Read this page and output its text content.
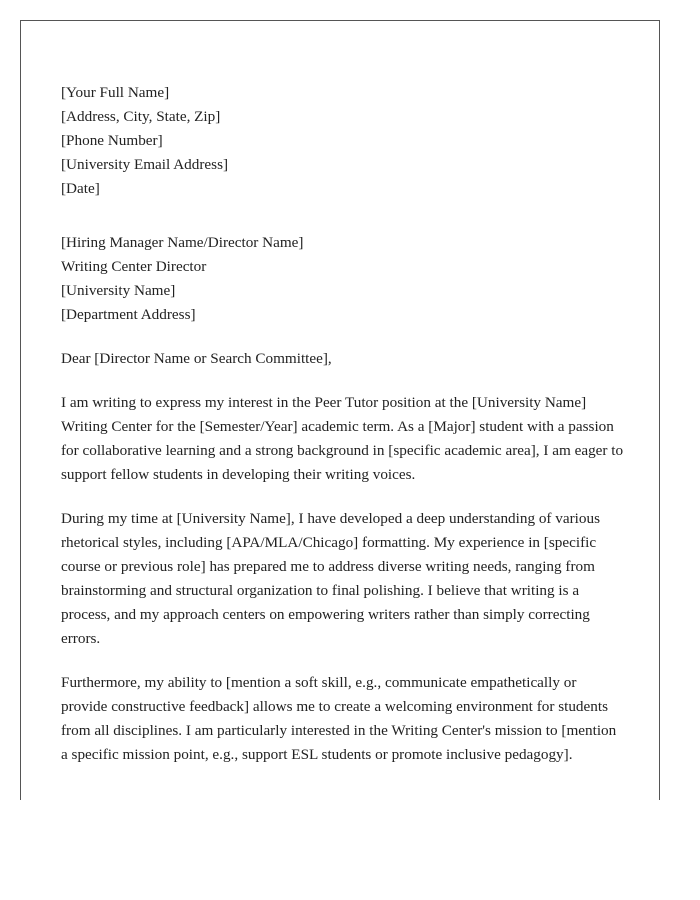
[Your Full Name]
[Address, City, State, Zip]
[Phone Number]
[University Email Address]
[Date]
[Hiring Manager Name/Director Name]
Writing Center Director
[University Name]
[Department Address]
Dear [Director Name or Search Committee],

I am writing to express my interest in the Peer Tutor position at the [University Name] Writing Center for the [Semester/Year] academic term. As a [Major] student with a passion for collaborative learning and a strong background in [specific academic area], I am eager to support fellow students in developing their writing voices.

During my time at [University Name], I have developed a deep understanding of various rhetorical styles, including [APA/MLA/Chicago] formatting. My experience in [specific course or previous role] has prepared me to address diverse writing needs, ranging from brainstorming and structural organization to final polishing. I believe that writing is a process, and my approach centers on empowering writers rather than simply correcting errors.

Furthermore, my ability to [mention a soft skill, e.g., communicate empathetically or provide constructive feedback] allows me to create a welcoming environment for students from all disciplines. I am particularly interested in the Writing Center's mission to [mention a specific mission point, e.g., support ESL students or promote inclusive pedagogy].
